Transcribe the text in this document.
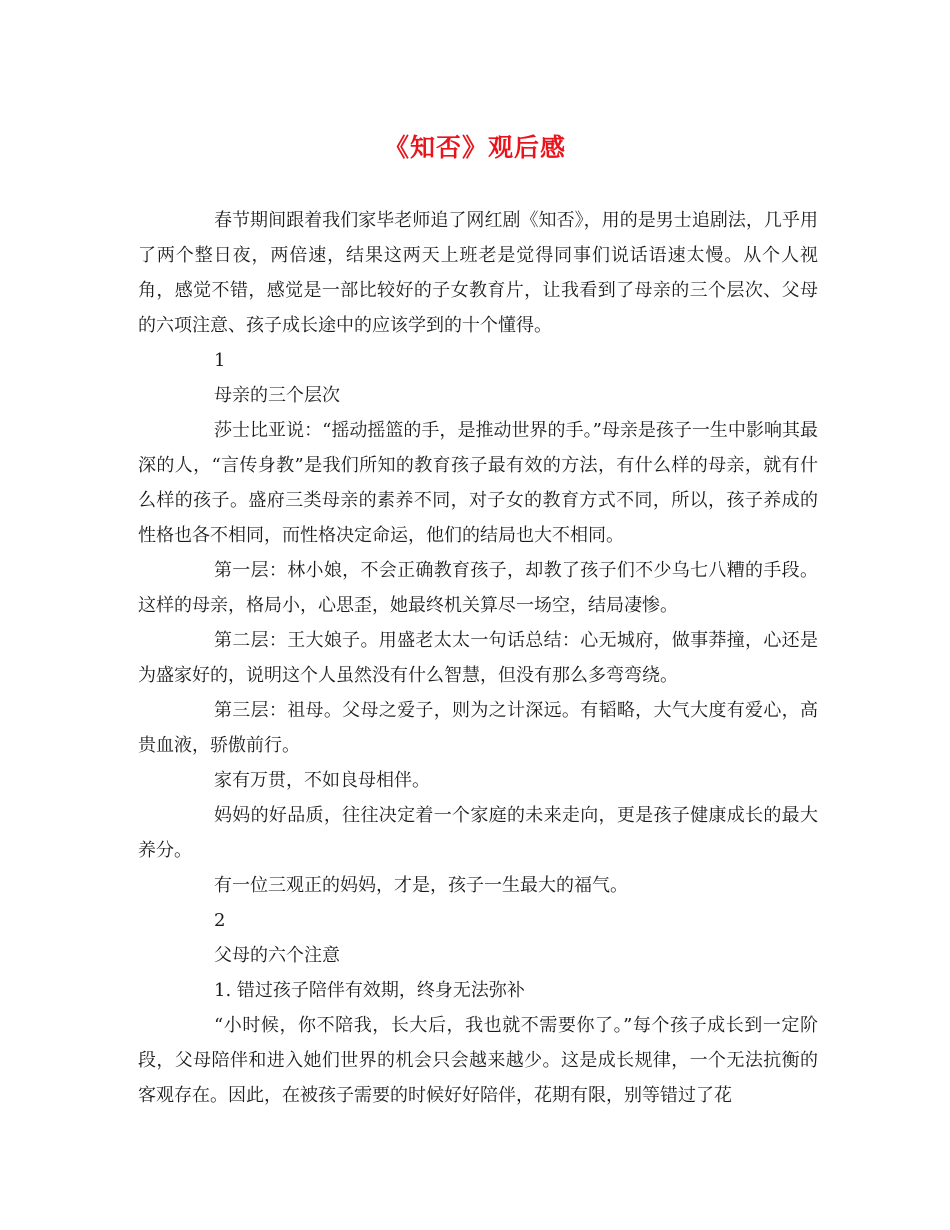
《知否》观后感

春节期间跟着我们家毕老师追了网红剧《知否》，用的是男士追剧法，几乎用了两个整日夜，两倍速，结果这两天上班老是觉得同事们说话语速太慢。从个人视角，感觉不错，感觉是一部比较好的子女教育片，让我看到了母亲的三个层次、父母的六项注意、孩子成长途中的应该学到的十个懂得。

1

母亲的三个层次

莎士比亚说：“摇动摇篮的手，是推动世界的手。”母亲是孩子一生中影响其最深的人，“言传身教”是我们所知的教育孩子最有效的方法，有什么样的母亲，就有什么样的孩子。盛府三类母亲的素养不同，对子女的教育方式不同，所以，孩子养成的性格也各不相同，而性格决定命运，他们的结局也大不相同。

第一层：林小娘，不会正确教育孩子，却教了孩子们不少乌七八糟的手段。这样的母亲，格局小，心思歪，她最终机关算尽一场空，结局凄惨。

第二层：王大娘子。用盛老太太一句话总结：心无城府，做事莽撞，心还是为盛家好的，说明这个人虽然没有什么智慧，但没有那么多弯弯绕。

第三层：祖母。父母之爱子，则为之计深远。有韬略，大气大度有爱心，高贵血液，骄傲前行。

家有万贯，不如良母相伴。

妈妈的好品质，往往决定着一个家庭的未来走向，更是孩子健康成长的最大养分。

有一位三观正的妈妈，才是，孩子一生最大的福气。

2

父母的六个注意

1. 错过孩子陪伴有效期，终身无法弥补

“小时候，你不陪我，长大后，我也就不需要你了。”每个孩子成长到一定阶段，父母陪伴和进入她们世界的机会只会越来越少。这是成长规律，一个无法抗衡的客观存在。因此，在被孩子需要的时候好好陪伴，花期有限，别等错过了花
